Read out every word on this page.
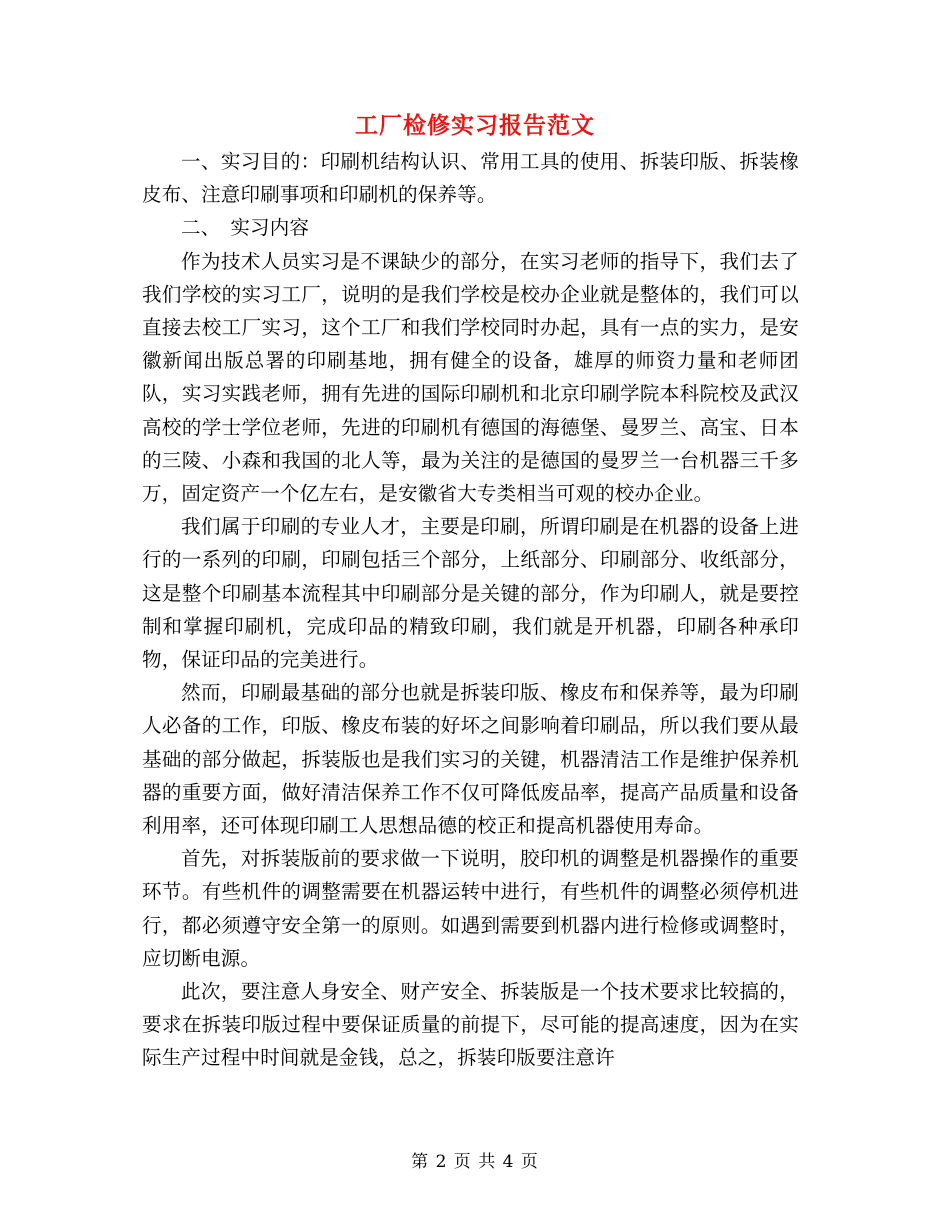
工厂检修实习报告范文

一、实习目的：印刷机结构认识、常用工具的使用、拆装印版、拆装橡皮布、注意印刷事项和印刷机的保养等。

二、　实习内容

作为技术人员实习是不课缺少的部分，在实习老师的指导下，我们去了我们学校的实习工厂，说明的是我们学校是校办企业就是整体的，我们可以直接去校工厂实习，这个工厂和我们学校同时办起，具有一点的实力，是安徽新闻出版总署的印刷基地，拥有健全的设备，雄厚的师资力量和老师团队，实习实践老师，拥有先进的国际印刷机和北京印刷学院本科院校及武汉高校的学士学位老师，先进的印刷机有德国的海德堡、曼罗兰、高宝、日本的三陵、小森和我国的北人等，最为关注的是德国的曼罗兰一台机器三千多万，固定资产一个亿左右，是安徽省大专类相当可观的校办企业。

我们属于印刷的专业人才，主要是印刷，所谓印刷是在机器的设备上进行的一系列的印刷，印刷包括三个部分，上纸部分、印刷部分、收纸部分，这是整个印刷基本流程其中印刷部分是关键的部分，作为印刷人，就是要控制和掌握印刷机，完成印品的精致印刷，我们就是开机器，印刷各种承印物，保证印品的完美进行。

然而，印刷最基础的部分也就是拆装印版、橡皮布和保养等，最为印刷人必备的工作，印版、橡皮布装的好坏之间影响着印刷品，所以我们要从最基础的部分做起，拆装版也是我们实习的关键，机器清洁工作是维护保养机器的重要方面，做好清洁保养工作不仅可降低废品率，提高产品质量和设备利用率，还可体现印刷工人思想品德的校正和提高机器使用寿命。

首先，对拆装版前的要求做一下说明，胶印机的调整是机器操作的重要环节。有些机件的调整需要在机器运转中进行，有些机件的调整必须停机进行，都必须遵守安全第一的原则。如遇到需要到机器内进行检修或调整时，应切断电源。

此次，要注意人身安全、财产安全、拆装版是一个技术要求比较搞的，要求在拆装印版过程中要保证质量的前提下，尽可能的提高速度，因为在实际生产过程中时间就是金钱，总之，拆装印版要注意许

第 2 页 共 4 页
